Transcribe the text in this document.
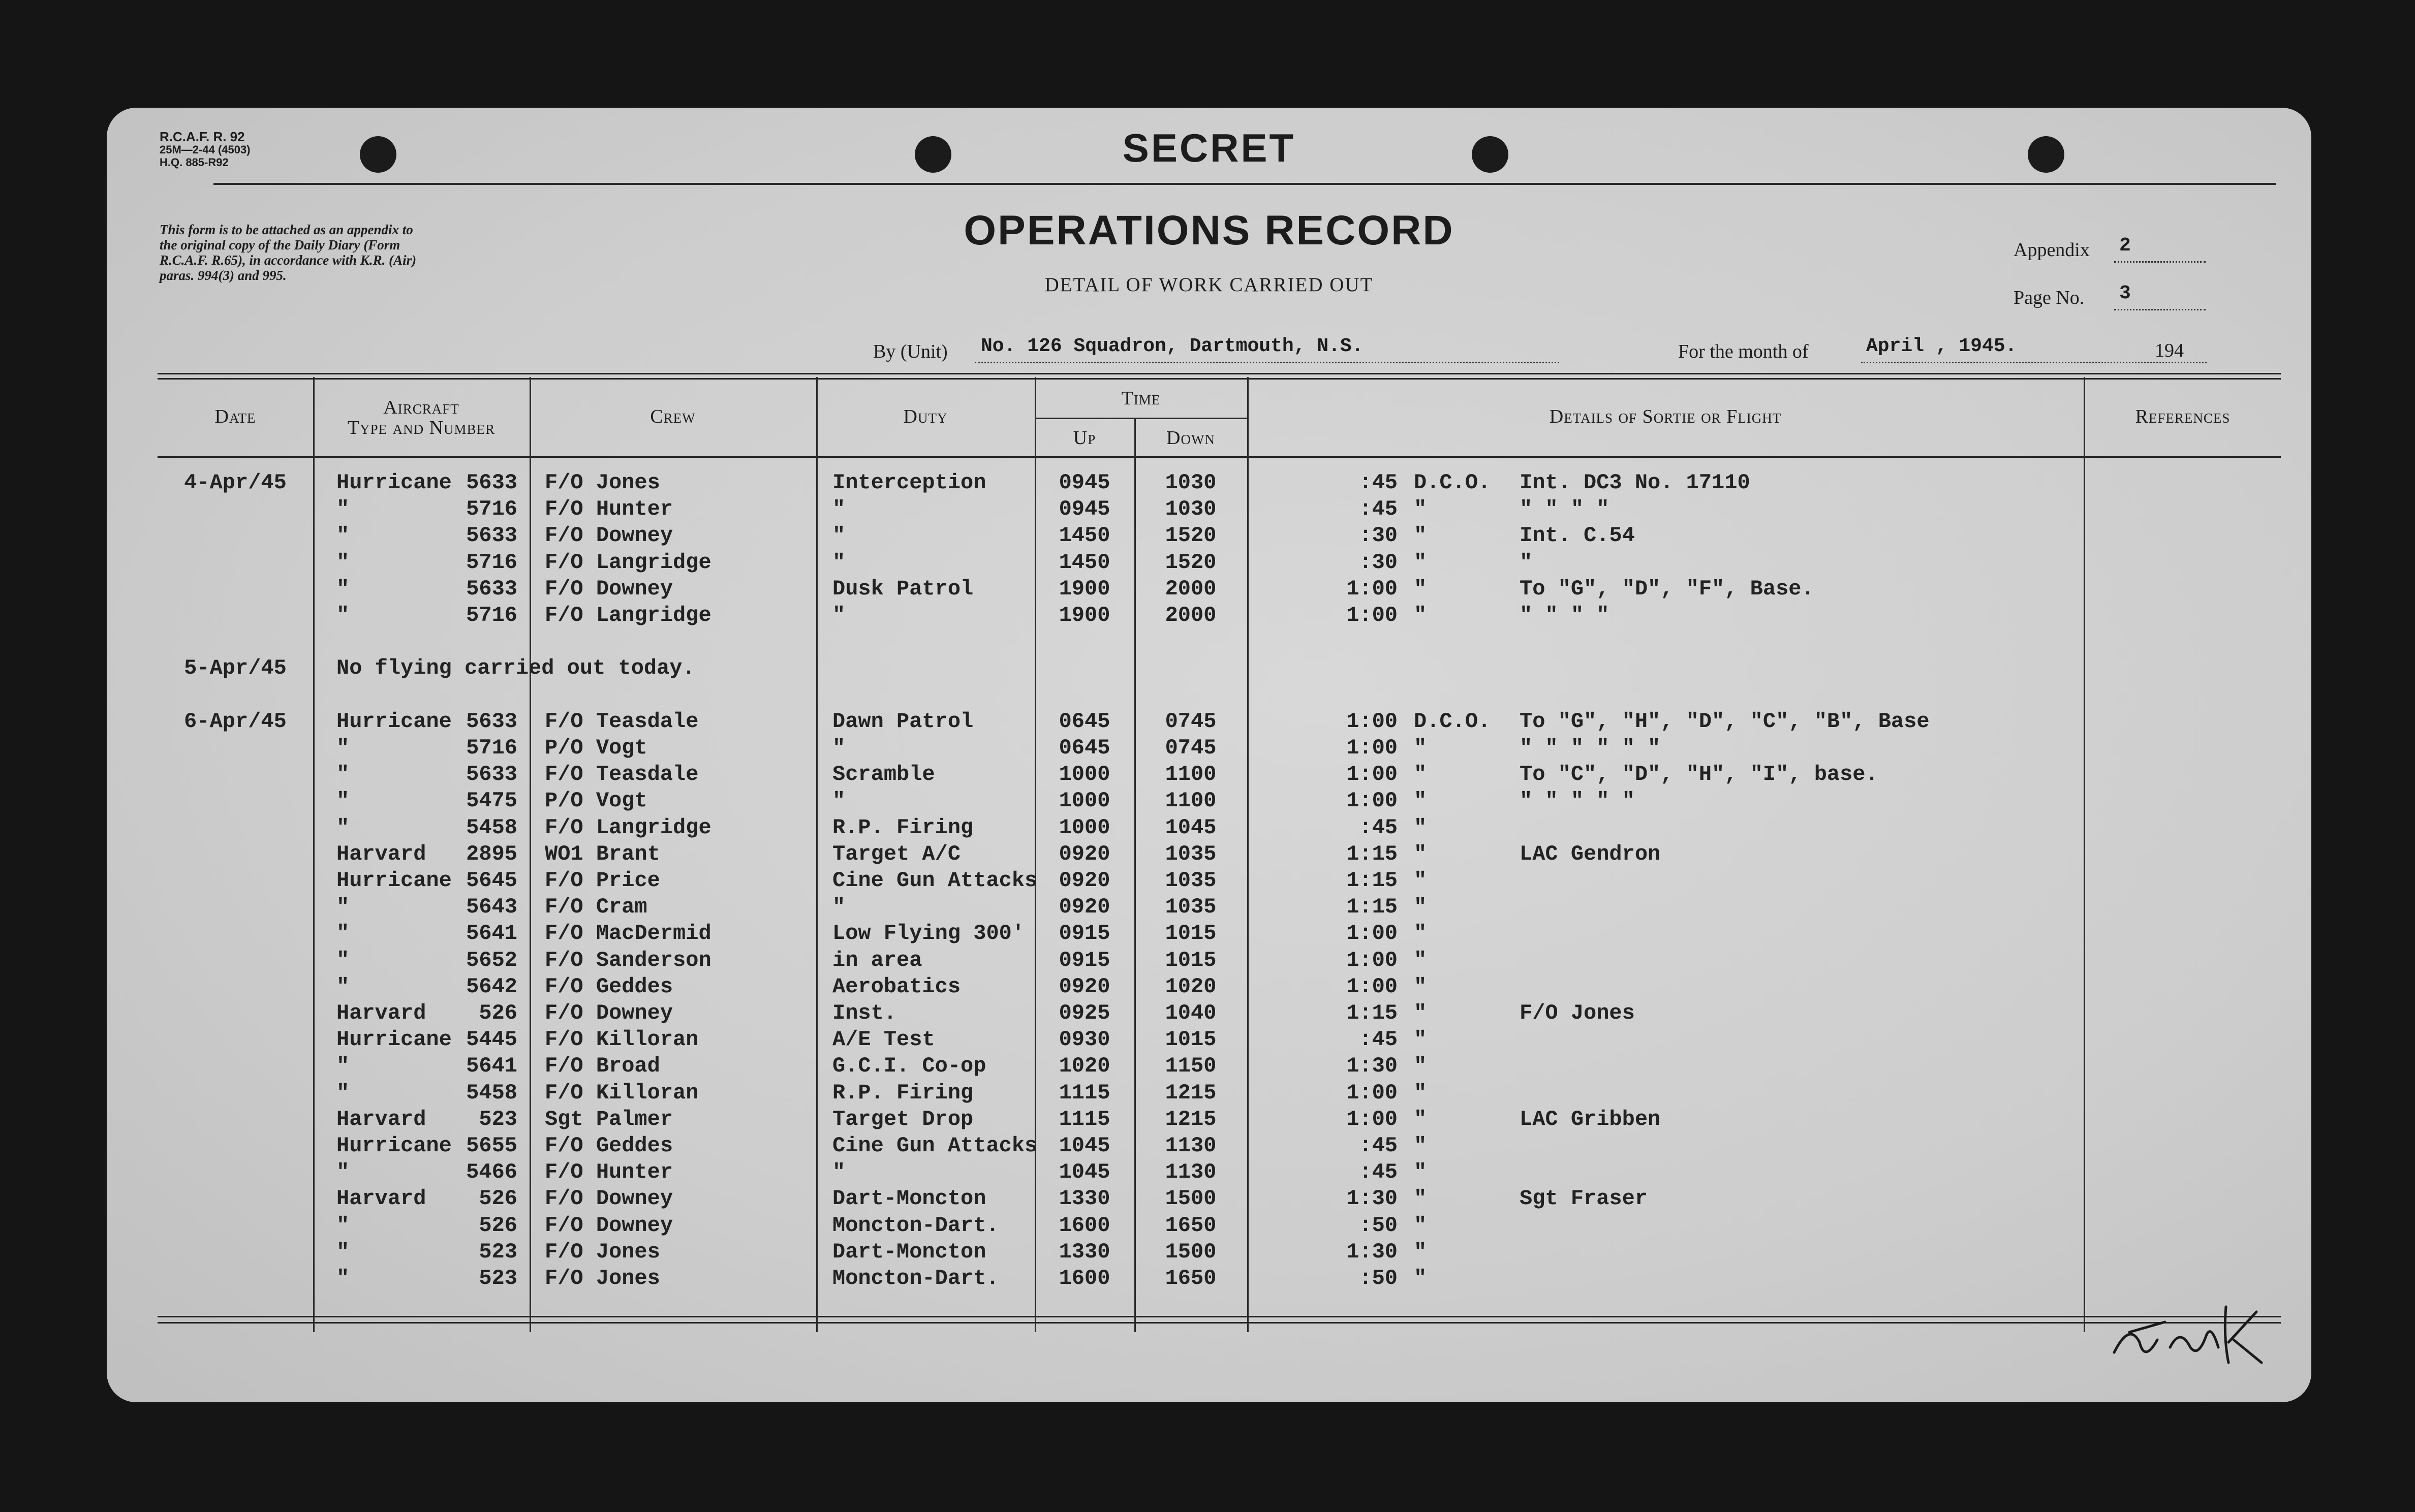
R.C.A.F. R. 92
25M—2-44 (4503)
H.Q. 885-R92	SECRET
This form is to be attached as an appendix to the original copy of the Daily Diary (Form R.C.A.F. R.65), in accordance with K.R. (Air) paras. 994(3) and 995.
OPERATIONS RECORD
DETAIL OF WORK CARRIED OUT
Appendix 2
Page No. 3
By (Unit) No. 126 Squadron, Dartmouth, N.S.	For the month of	April , 1945.	194
Date	Aircraft
Type and Number
Crew	Duty
Time
Up	Down
Details of Sortie or Flight	References
4-Apr/45	Hurricane 5633 F/O Jones	Interception	0945	1030	:45 D.C.O. Int. DC3 No. 17110
"	5716 F/O Hunter	"	0945	1030	:45 "	" " " "
"	5633 F/O Downey	"	1450	1520	:30 "	Int. C.54
"	5716 F/O Langridge	"	1450	1520	:30 "	"
"	5633 F/O Downey	Dusk Patrol	1900	2000	1:00 "	To "G", "D", "F", Base.
"	5716 F/O Langridge	"	1900	2000	1:00 "	" " " "
5-Apr/45	No flying carried out today.
6-Apr/45	Hurricane 5633 F/O Teasdale	Dawn Patrol	0645	0745	1:00 D.C.O. To "G", "H", "D", "C", "B", Base
"	5716 P/O Vogt	"	0645	0745	1:00 "	" " " " " "
"	5633 F/O Teasdale	Scramble	1000	1100	1:00 "	To "C", "D", "H", "I", base.
"	5475 P/O Vogt	"	1000	1100	1:00 "	" " " " "
"	5458 F/O Langridge	R.P. Firing	1000	1045	:45 "
Harvard	2895 WO1 Brant	Target A/C	0920	1035	1:15 "	LAC Gendron
Hurricane 5645 F/O Price	Cine Gun Attacks	0920	1035	1:15 "
"	5643 F/O Cram	"	0920	1035	1:15 "
"	5641 F/O MacDermid	Low Flying 300'	0915	1015	1:00 "
"	5652 F/O Sanderson	in area	0915	1015	1:00 "
"	5642 F/O Geddes	Aerobatics	0920	1020	1:00 "
Harvard	526 F/O Downey	Inst.	0925	1040	1:15 "	F/O Jones
Hurricane 5445 F/O Killoran	A/E Test	0930	1015	:45 "
"	5641 F/O Broad	G.C.I. Co-op	1020	1150	1:30 "
"	5458 F/O Killoran	R.P. Firing	1115	1215	1:00 "
Harvard	523 Sgt Palmer	Target Drop	1115	1215	1:00 "	LAC Gribben
Hurricane 5655 F/O Geddes	Cine Gun Attacks	1045	1130	:45 "
"	5466 F/O Hunter	"	1045	1130	:45 "
Harvard	526 F/O Downey	Dart-Moncton	1330	1500	1:30 "	Sgt Fraser
"	526 F/O Downey	Moncton-Dart.	1600	1650	:50 "
"	523 F/O Jones	Dart-Moncton	1330	1500	1:30 "
"	523 F/O Jones	Moncton-Dart.	1600	1650	:50 "
